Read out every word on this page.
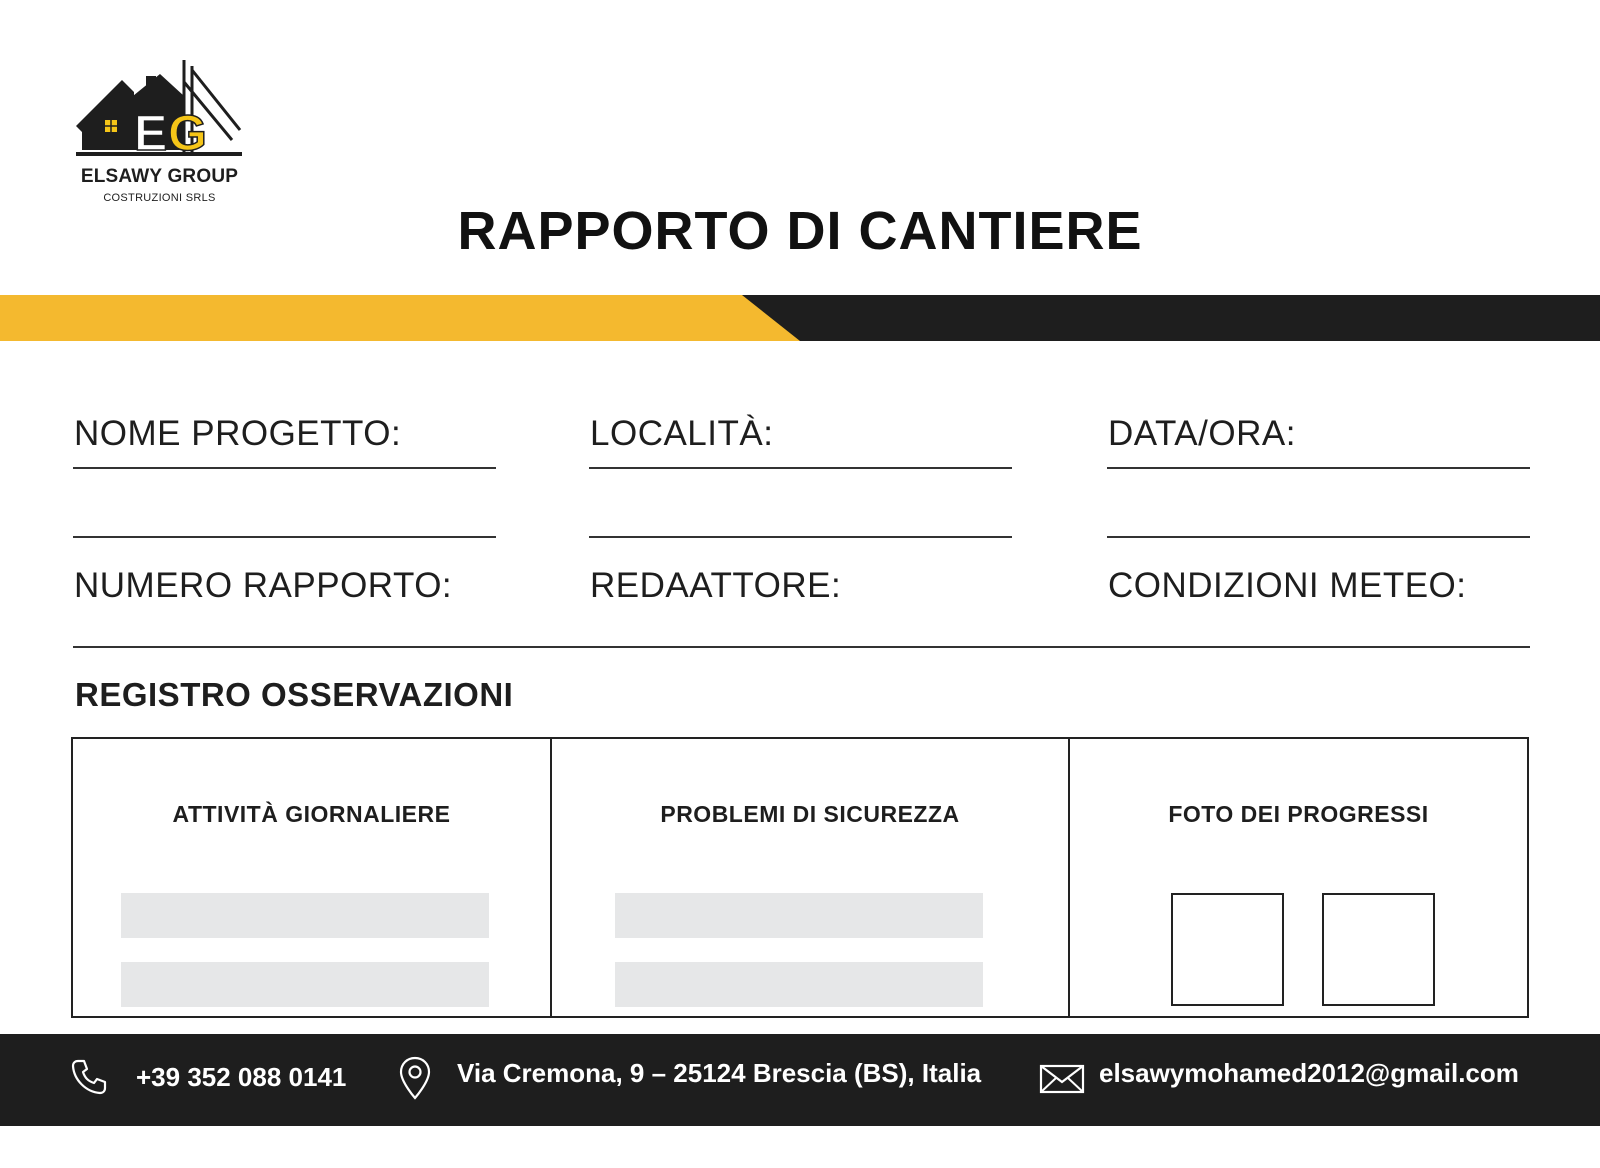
E G
ELSAWY GROUP
COSTRUZIONI SRLS
RAPPORTO DI CANTIERE
NOME PROGETTO:	LOCALITÀ:	DATA/ORA:
NUMERO RAPPORTO:	REDAATTORE:	CONDIZIONI METEO:
REGISTRO OSSERVAZIONI
ATTIVITÀ GIORNALIERE	PROBLEMI DI SICUREZZA	FOTO DEI PROGRESSI
+39 352 088 0141	Via Cremona, 9 – 25124 Brescia (BS), Italia	elsawymohamed2012@gmail.com
